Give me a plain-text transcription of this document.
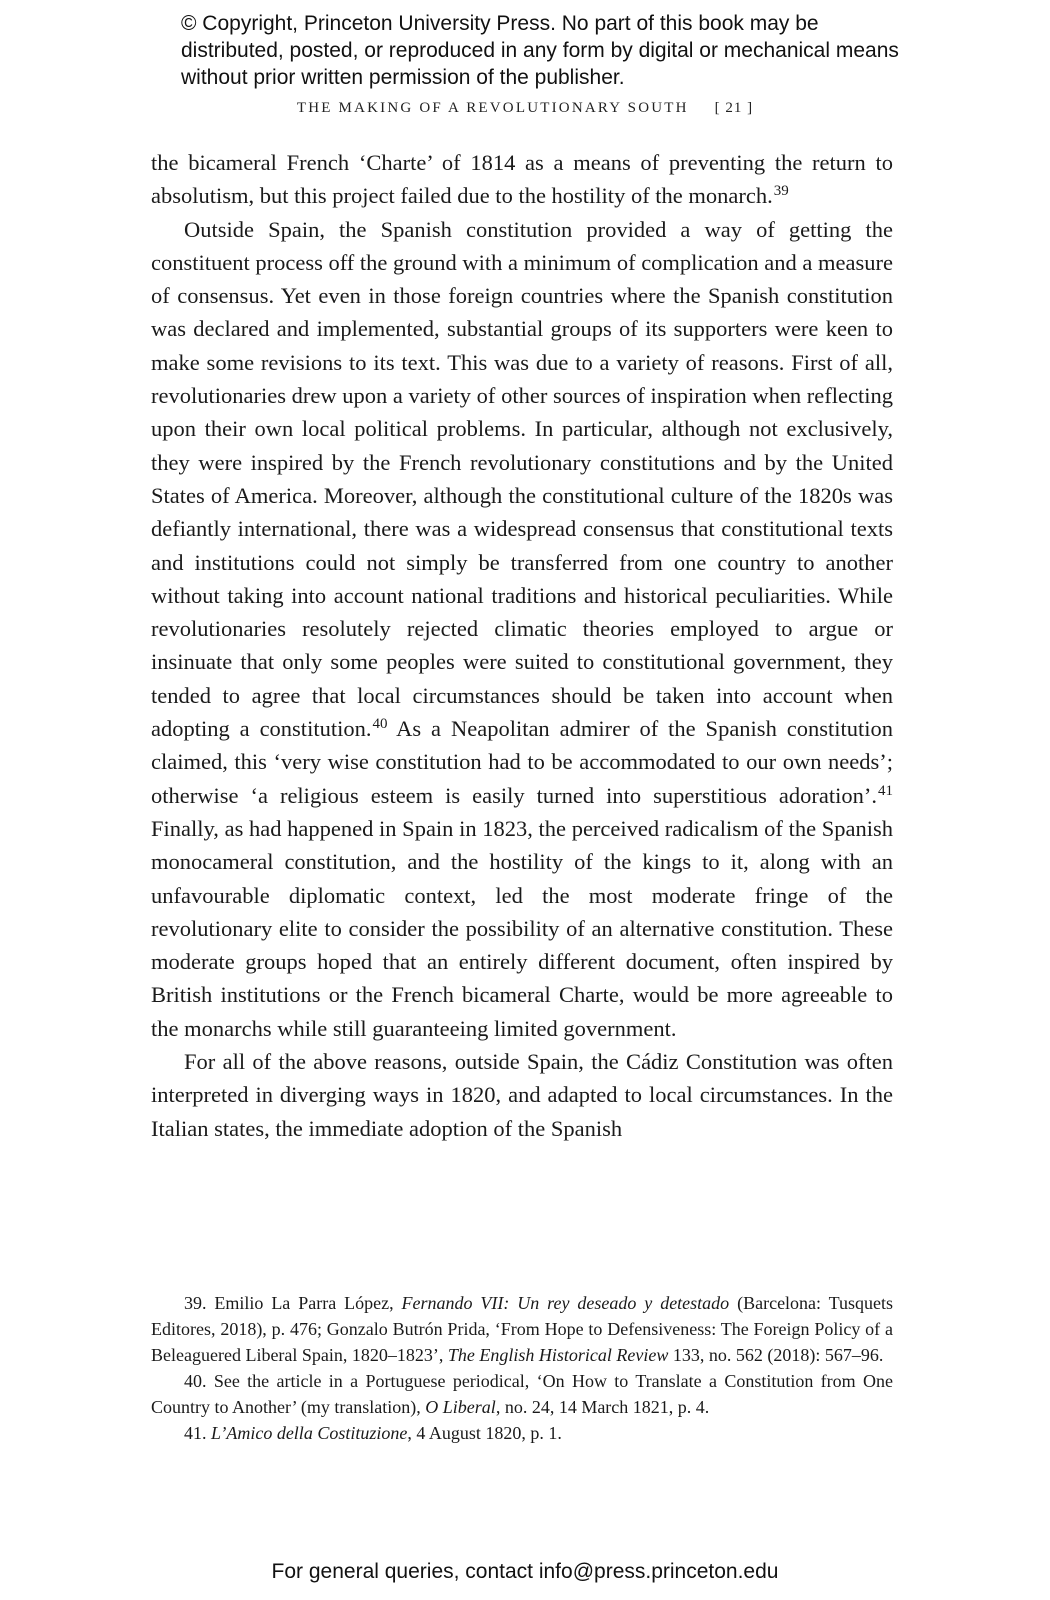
© Copyright, Princeton University Press. No part of this book may be distributed, posted, or reproduced in any form by digital or mechanical means without prior written permission of the publisher.
THE MAKING OF A REVOLUTIONARY SOUTH [ 21 ]

the bicameral French ‘Charte’ of 1814 as a means of preventing the return to absolutism, but this project failed due to the hostility of the monarch.$^{39}$

Outside Spain, the Spanish constitution provided a way of getting the constituent process off the ground with a minimum of complication and a measure of consensus. Yet even in those foreign countries where the Spanish constitution was declared and implemented, substantial groups of its supporters were keen to make some revisions to its text. This was due to a variety of reasons. First of all, revolutionaries drew upon a variety of other sources of inspiration when reflecting upon their own local political problems. In particular, although not exclusively, they were inspired by the French revolutionary constitutions and by the United States of America. Moreover, although the constitutional culture of the 1820s was defiantly international, there was a widespread consensus that constitutional texts and institutions could not simply be transferred from one country to another without taking into account national traditions and historical peculiarities. While revolutionaries resolutely rejected climatic theories employed to argue or insinuate that only some peoples were suited to constitutional government, they tended to agree that local circumstances should be taken into account when adopting a constitution.$^{40}$ As a Neapolitan admirer of the Spanish constitution claimed, this ‘very wise constitution had to be accommodated to our own needs’; otherwise ‘a religious esteem is easily turned into superstitious adoration’.$^{41}$ Finally, as had happened in Spain in 1823, the perceived radicalism of the Spanish monocameral constitution, and the hostility of the kings to it, along with an unfavourable diplomatic context, led the most moderate fringe of the revolutionary elite to consider the possibility of an alternative constitution. These moderate groups hoped that an entirely different document, often inspired by British institutions or the French bicameral Charte, would be more agreeable to the monarchs while still guaranteeing limited government.

For all of the above reasons, outside Spain, the Cádiz Constitution was often interpreted in diverging ways in 1820, and adapted to local circumstances. In the Italian states, the immediate adoption of the Spanish

39. Emilio La Parra López, Fernando VII: Un rey deseado y detestado (Barcelona: Tusquets Editores, 2018), p. 476; Gonzalo Butrón Prida, ‘From Hope to Defensiveness: The Foreign Policy of a Beleaguered Liberal Spain, 1820–1823’, The English Historical Review 133, no. 562 (2018): 567–96.

40. See the article in a Portuguese periodical, ‘On How to Translate a Constitution from One Country to Another’ (my translation), O Liberal, no. 24, 14 March 1821, p. 4.

41. L’Amico della Costituzione, 4 August 1820, p. 1.

For general queries, contact info@press.princeton.edu
